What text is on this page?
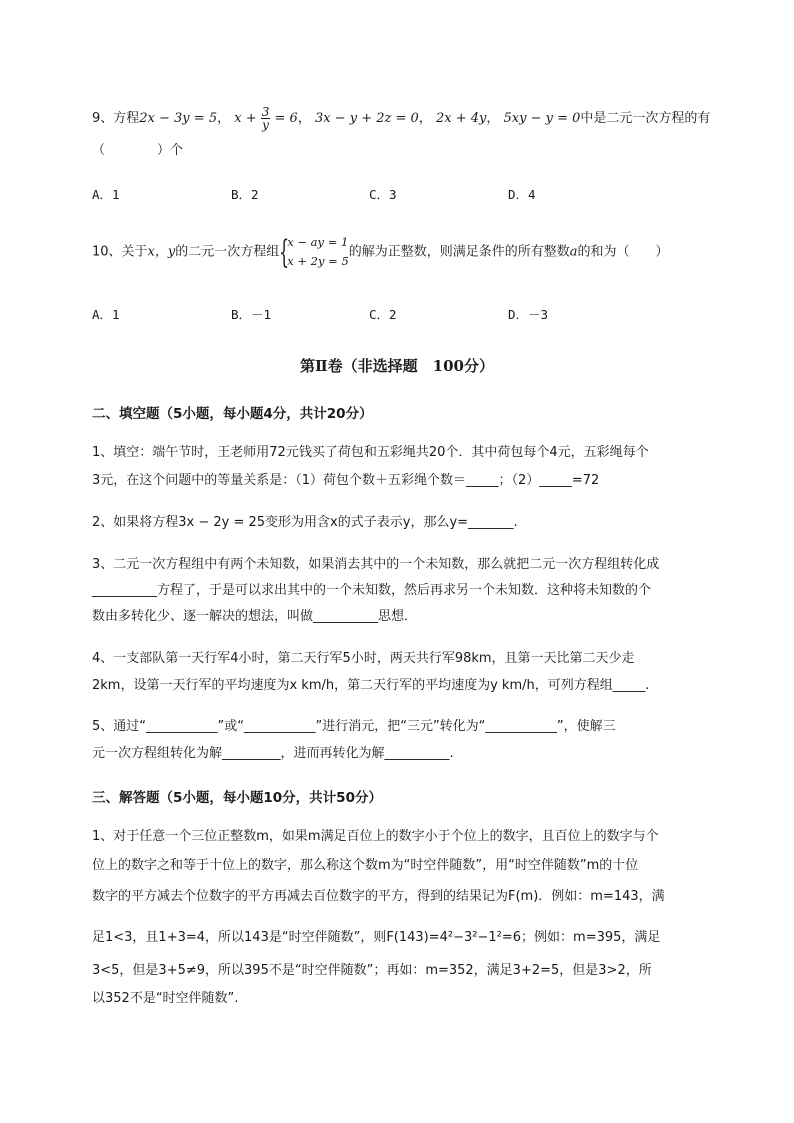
9、方程2x − 3y = 5， $x + \frac{3}{y} = 6$， 3x − y + 2z = 0， 2x + 4y， 5xy − y = 0中是二元一次方程的有
（　　　　）个
A．1	B．2	C．3	D．4
10、关于x，y的二元一次方程组 {
x − ay = 1
x + 2y = 5
的解为正整数，则满足条件的所有整数a的和为（　　）
A．1	B．－1	C．2	D．－3
第Ⅱ卷（非选择题　100分）
二、填空题（5小题，每小题4分，共计20分）
1、填空：端午节时，王老师用72元钱买了荷包和五彩绳共20个．其中荷包每个4元，五彩绳每个
3元，在这个问题中的等量关系是：（1）荷包个数＋五彩绳个数＝_____；（2）_____=72
2、如果将方程3x − 2y = 25变形为用含x的式子表示y，那么y=_______.
3、二元一次方程组中有两个未知数，如果消去其中的一个未知数，那么就把二元一次方程组转化成
__________方程了，于是可以求出其中的一个未知数，然后再求另一个未知数．这种将未知数的个
数由多转化少、逐一解决的想法，叫做__________思想．
4、一支部队第一天行军4小时，第二天行军5小时，两天共行军98km，且第一天比第二天少走
2km，设第一天行军的平均速度为x km/h，第二天行军的平均速度为y km/h，可列方程组_____.
5、通过“___________”或“___________”进行消元，把“三元”转化为“___________”，使解三
元一次方程组转化为解_________，进而再转化为解__________.
三、解答题（5小题，每小题10分，共计50分）
1、对于任意一个三位正整数m，如果m满足百位上的数字小于个位上的数字，且百位上的数字与个
位上的数字之和等于十位上的数字，那么称这个数m为“时空伴随数”，用“时空伴随数”m的十位
数字的平方减去个位数字的平方再减去百位数字的平方，得到的结果记为F(m)．例如：m=143，满
足1<3，且1+3=4，所以143是“时空伴随数”，则F(143)=4²−3²−1²=6；例如：m=395，满足
3<5，但是3+5≠9，所以395不是“时空伴随数”；再如：m=352，满足3+2=5，但是3>2，所
以352不是“时空伴随数”.
